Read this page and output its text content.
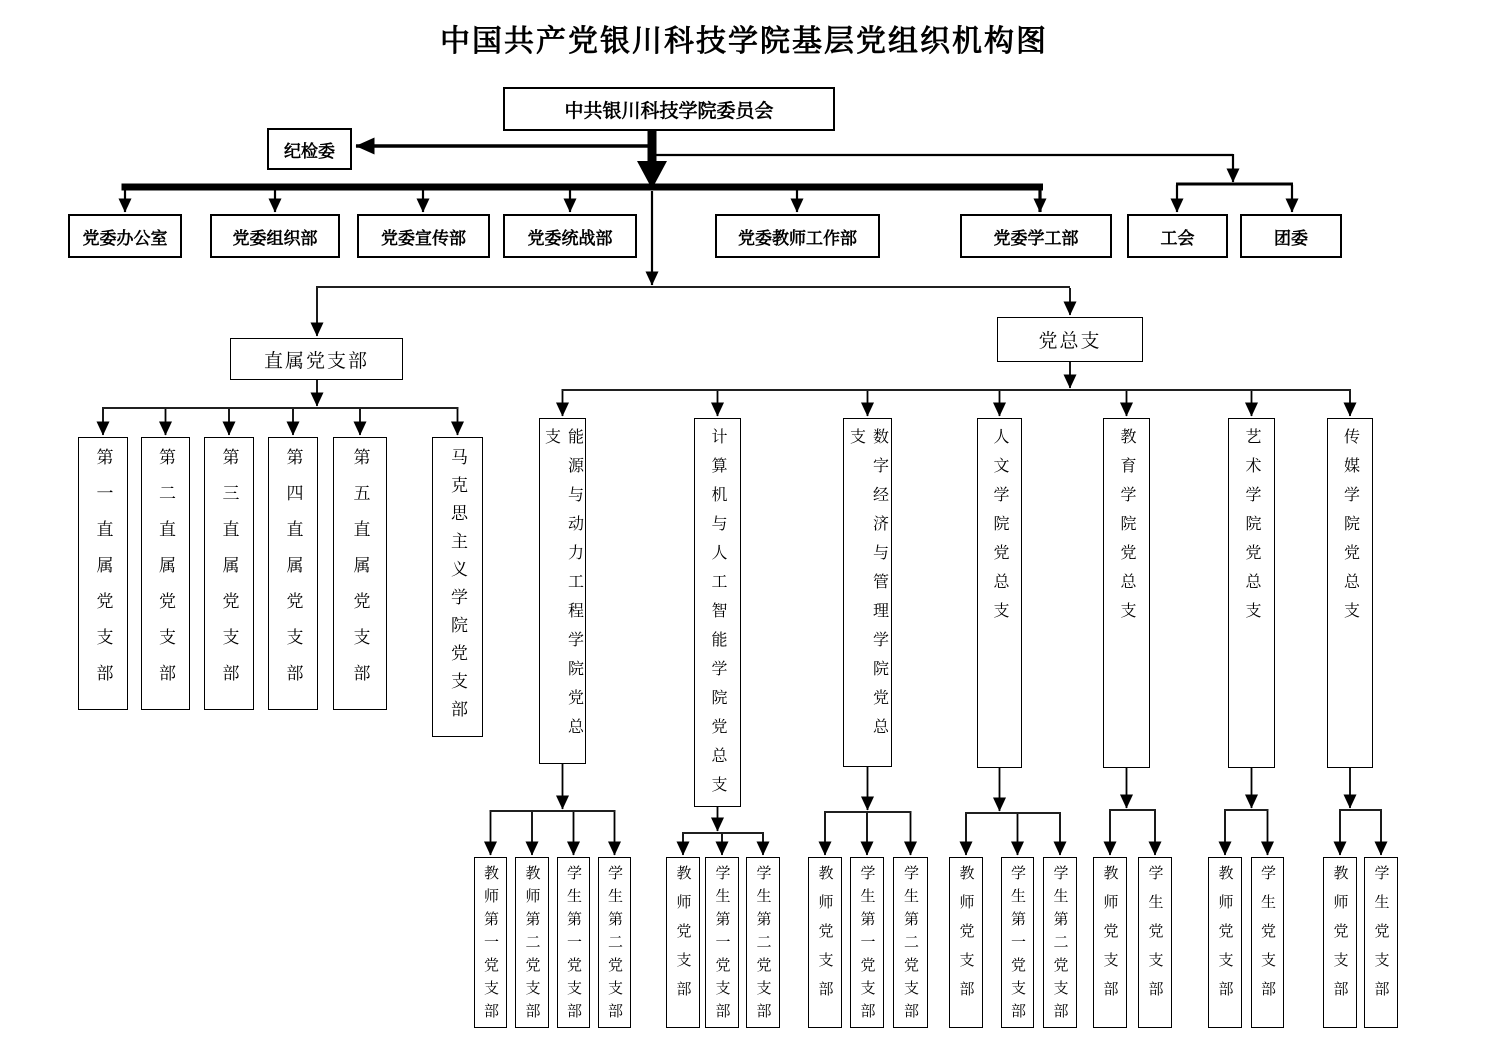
中国共产党银川科技学院基层党组织机构图
中共银川科技学院委员会
纪检委
党委办公室	党委组织部	党委宣传部	党委统战部	党委教师工作部	党委学工部	工会	团委
直属党支部
党总支
第一直属党支部	第二直属党支部	第三直属党支部	第四直属党支部	第五直属党支部	马克思主义学院党支部	能源与动力工程学院党总支	计算机与人工智能学院党总支	数字经济与管理学院党总支	人文学院党总支	教育学院党总支	艺术学院党总支	传媒学院党总支
教师第一党支部 教师第二党支部 学生第一党支部 学生第二党支部	教师党支部 学生第一党支部 学生第二党支部	教师党支部 学生第一党支部 学生第二党支部	教师党支部 学生第一党支部 学生第二党支部 教师党支部 学生党支部	教师党支部 学生党支部	教师党支部 学生党支部
